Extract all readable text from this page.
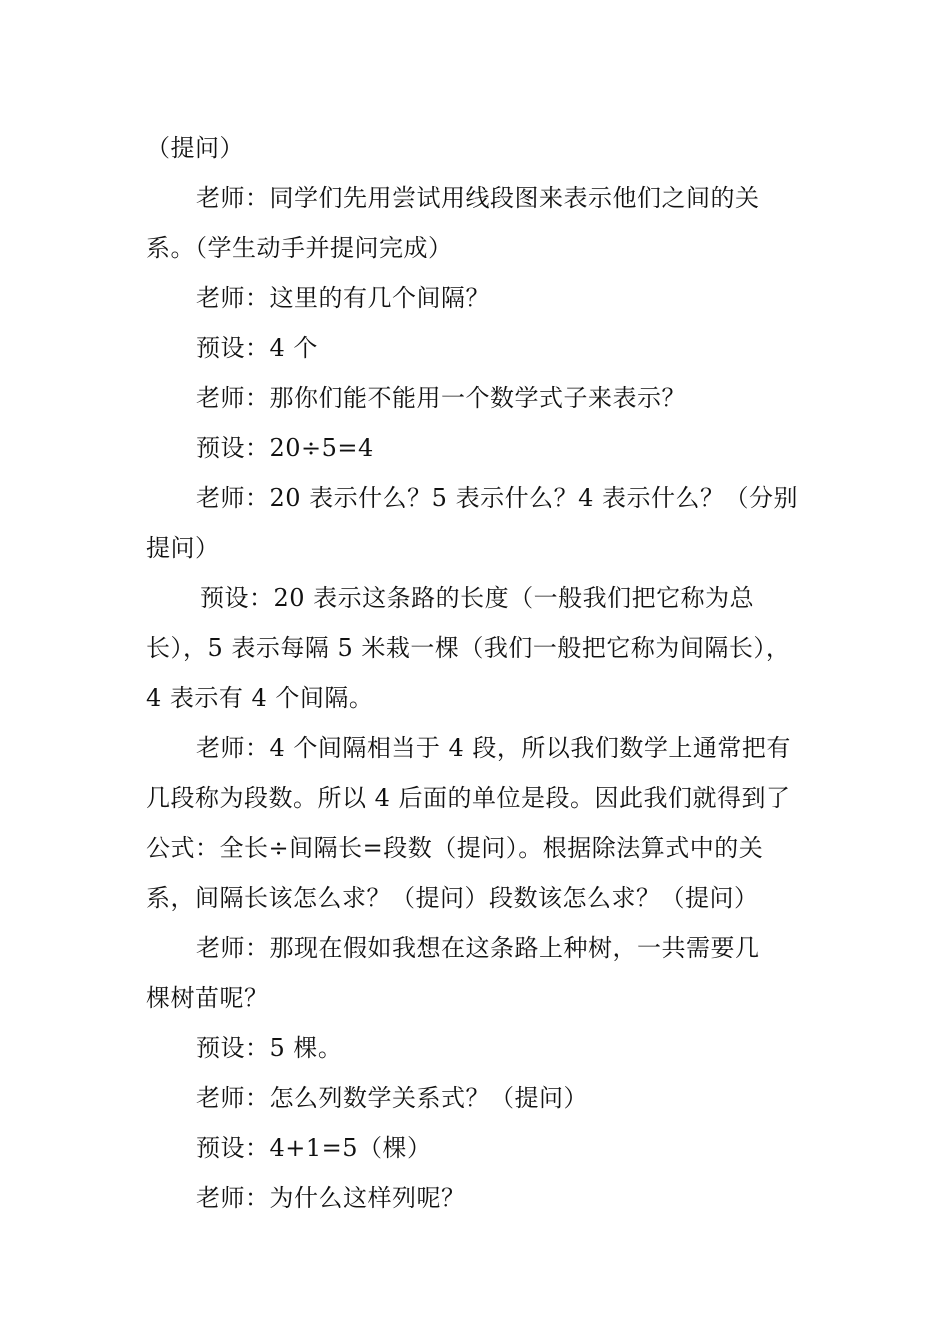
（提问）
老师：同学们先用尝试用线段图来表示他们之间的关
系。（学生动手并提问完成）
老师：这里的有几个间隔？
预设：4 个
老师：那你们能不能用一个数学式子来表示？
预设：20÷5=4
老师：20 表示什么？5 表示什么？4 表示什么？（分别
提问）
预设：20 表示这条路的长度（一般我们把它称为总
长），5 表示每隔 5 米栽一棵（我们一般把它称为间隔长），
4 表示有 4 个间隔。
老师：4 个间隔相当于 4 段，所以我们数学上通常把有
几段称为段数。所以 4 后面的单位是段。因此我们就得到了
公式：全长÷间隔长=段数（提问）。根据除法算式中的关
系，间隔长该怎么求？（提问）段数该怎么求？（提问）
老师：那现在假如我想在这条路上种树，一共需要几
棵树苗呢？
预设：5 棵。
老师：怎么列数学关系式？（提问）
预设：4+1=5（棵）
老师：为什么这样列呢？
